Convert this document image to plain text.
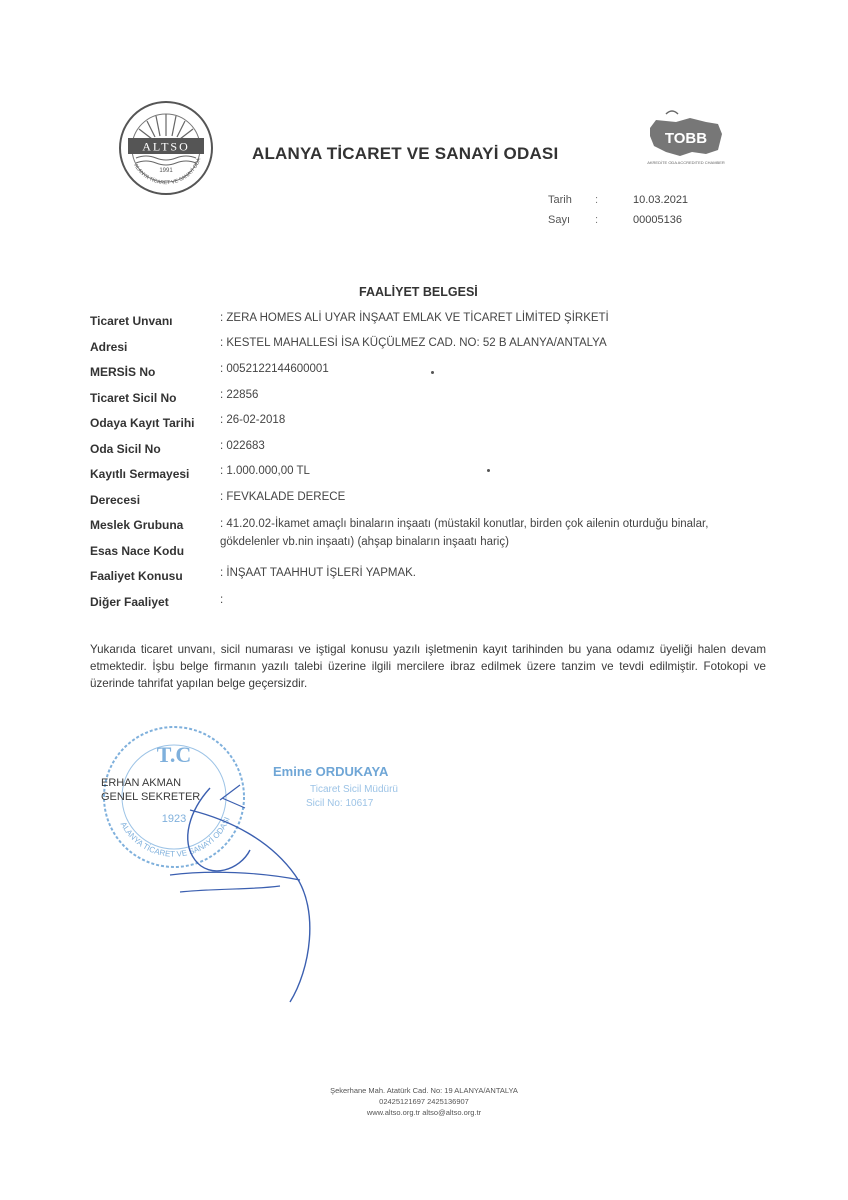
ALTSO
1991
ALANYA TİCARET VE SANAYİ ODA	ALANYA TİCARET VE SANAYİ ODASI
TOBB
AKREDİTE ODA ACCREDITED CHAMBER
Tarih :	10.03.2021
Sayı :	00005136
FAALİYET BELGESİ
Ticaret Unvanı	: ZERA HOMES ALİ UYAR İNŞAAT EMLAK VE TİCARET LİMİTED ŞİRKETİ
Adresi	: KESTEL MAHALLESİ İSA KÜÇÜLMEZ CAD. NO: 52 B ALANYA/ANTALYA
MERSİS No	: 0052122144600001
Ticaret Sicil No	: 22856
Odaya Kayıt Tarihi : 26-02-2018
Oda Sicil No	: 022683
Kayıtlı Sermayesi	: 1.000.000,00 TL
Derecesi	: FEVKALADE DERECE
Meslek Grubuna	: 41.20.02-İkamet amaçlı binaların inşaatı (müstakil konutlar, birden çok ailenin oturduğu binalar, gökdelenler vb.nin inşaatı) (ahşap binaların inşaatı hariç)
Esas Nace Kodu
Faaliyet Konusu	: İNŞAAT TAAHHUT İŞLERİ YAPMAK.
Diğer Faaliyet	:
Yukarıda ticaret unvanı, sicil numarası ve iştigal konusu yazılı işletmenin kayıt tarihinden bu yana odamız üyeliği halen devam etmektedir. İşbu belge firmanın yazılı talebi üzerine ilgili mercilere ibraz edilmek üzere tanzim ve tevdi edilmiştir. Fotokopi ve üzerinde tahrifat yapılan belge geçersizdir.
T.C
1923
ALANYA TİCARET VE SANAYİ ODASI
ERHAN AKMAN
GENEL SEKRETER
Emine ORDUKAYA
Ticaret Sicil Müdürü
Sicil No: 10617
Şekerhane Mah. Atatürk Cad. No: 19 ALANYA/ANTALYA
02425121697 2425136907
www.altso.org.tr altso@altso.org.tr
